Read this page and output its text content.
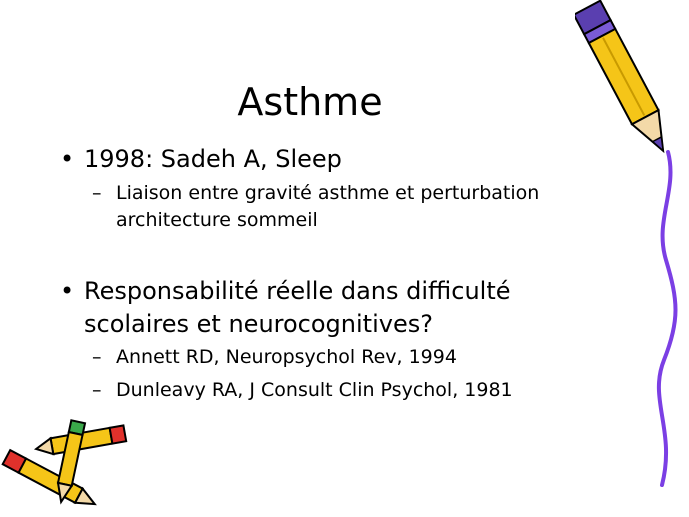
Asthme
• 1998: Sadeh A, Sleep
– Liaison entre gravité asthme et perturbation
architecture sommeil
• Responsabilité réelle dans difficulté
scolaires et neurocognitives?
– Annett RD, Neuropsychol Rev, 1994
– Dunleavy RA, J Consult Clin Psychol, 1981
